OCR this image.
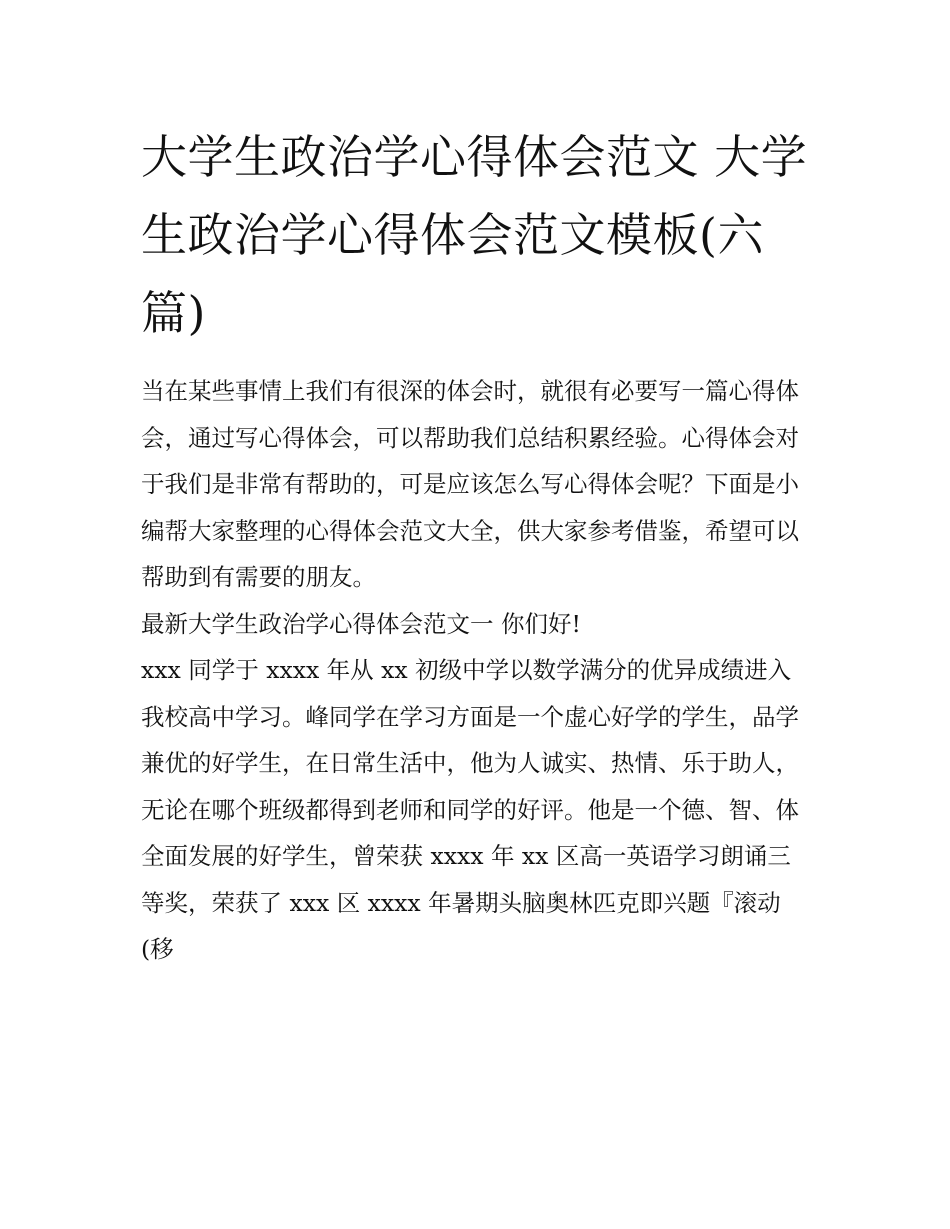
大学生政治学心得体会范文 大学生政治学心得体会范文模板(六篇)

当在某些事情上我们有很深的体会时，就很有必要写一篇心得体会，通过写心得体会，可以帮助我们总结积累经验。心得体会对于我们是非常有帮助的，可是应该怎么写心得体会呢？下面是小编帮大家整理的心得体会范文大全，供大家参考借鉴，希望可以帮助到有需要的朋友。

最新大学生政治学心得体会范文一 你们好!

xxx 同学于 xxxx 年从 xx 初级中学以数学满分的优异成绩进入我校高中学习。峰同学在学习方面是一个虚心好学的学生，品学兼优的好学生，在日常生活中，他为人诚实、热情、乐于助人，无论在哪个班级都得到老师和同学的好评。他是一个德、智、体全面发展的好学生，曾荣获 xxxx 年 xx 区高一英语学习朗诵三等奖，荣获了 xxx 区 xxxx 年暑期头脑奥林匹克即兴题『滚动(移
